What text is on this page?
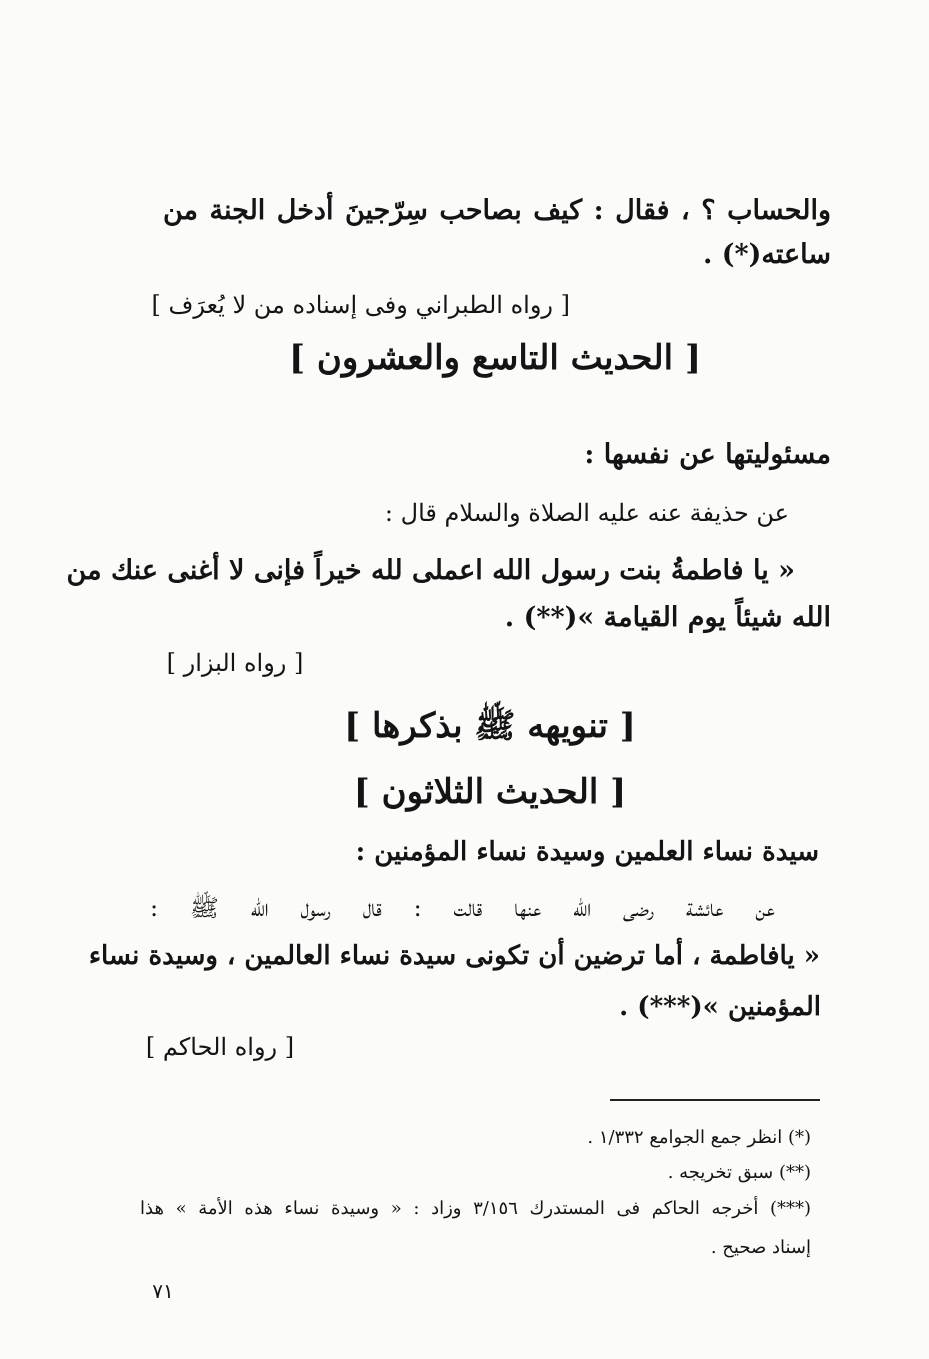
والحساب ؟ ، فقال : كيف بصاحب سِرّجينَ أدخل الجنة من
ساعته(*) .
[ رواه الطبراني وفى إسناده من لا يُعرَف ]
[ الحديث التاسع والعشرون ]
مسئوليتها عن نفسها :
عن حذيفة عنه عليه الصلاة والسلام قال :
« يا فاطمةُ بنت رسول الله اعملى لله خيراً فإنى لا أغنى عنك من
الله شيئاً يوم القيامة »(**) .
[ رواه البزار ]
[ تنويهه ﷺ بذكرها ]
[ الحديث الثلاثون ]
سيدة نساء العلمين وسيدة نساء المؤمنين :
عن عائشة رضى الله عنها قالت : قال رسول الله ﷺ :
« يافاطمة ، أما ترضين أن تكونى سيدة نساء العالمين ، وسيدة نساء
المؤمنين »(***) .
[ رواه الحاكم ]
(*) انظر جمع الجوامع ١/٣٣٢ .
(**) سبق تخريجه .
(***) أخرجه الحاكم فى المستدرك ٣/١٥٦ وزاد : « وسيدة نساء هذه الأمة » هذا
إسناد صحيح .
٧١
